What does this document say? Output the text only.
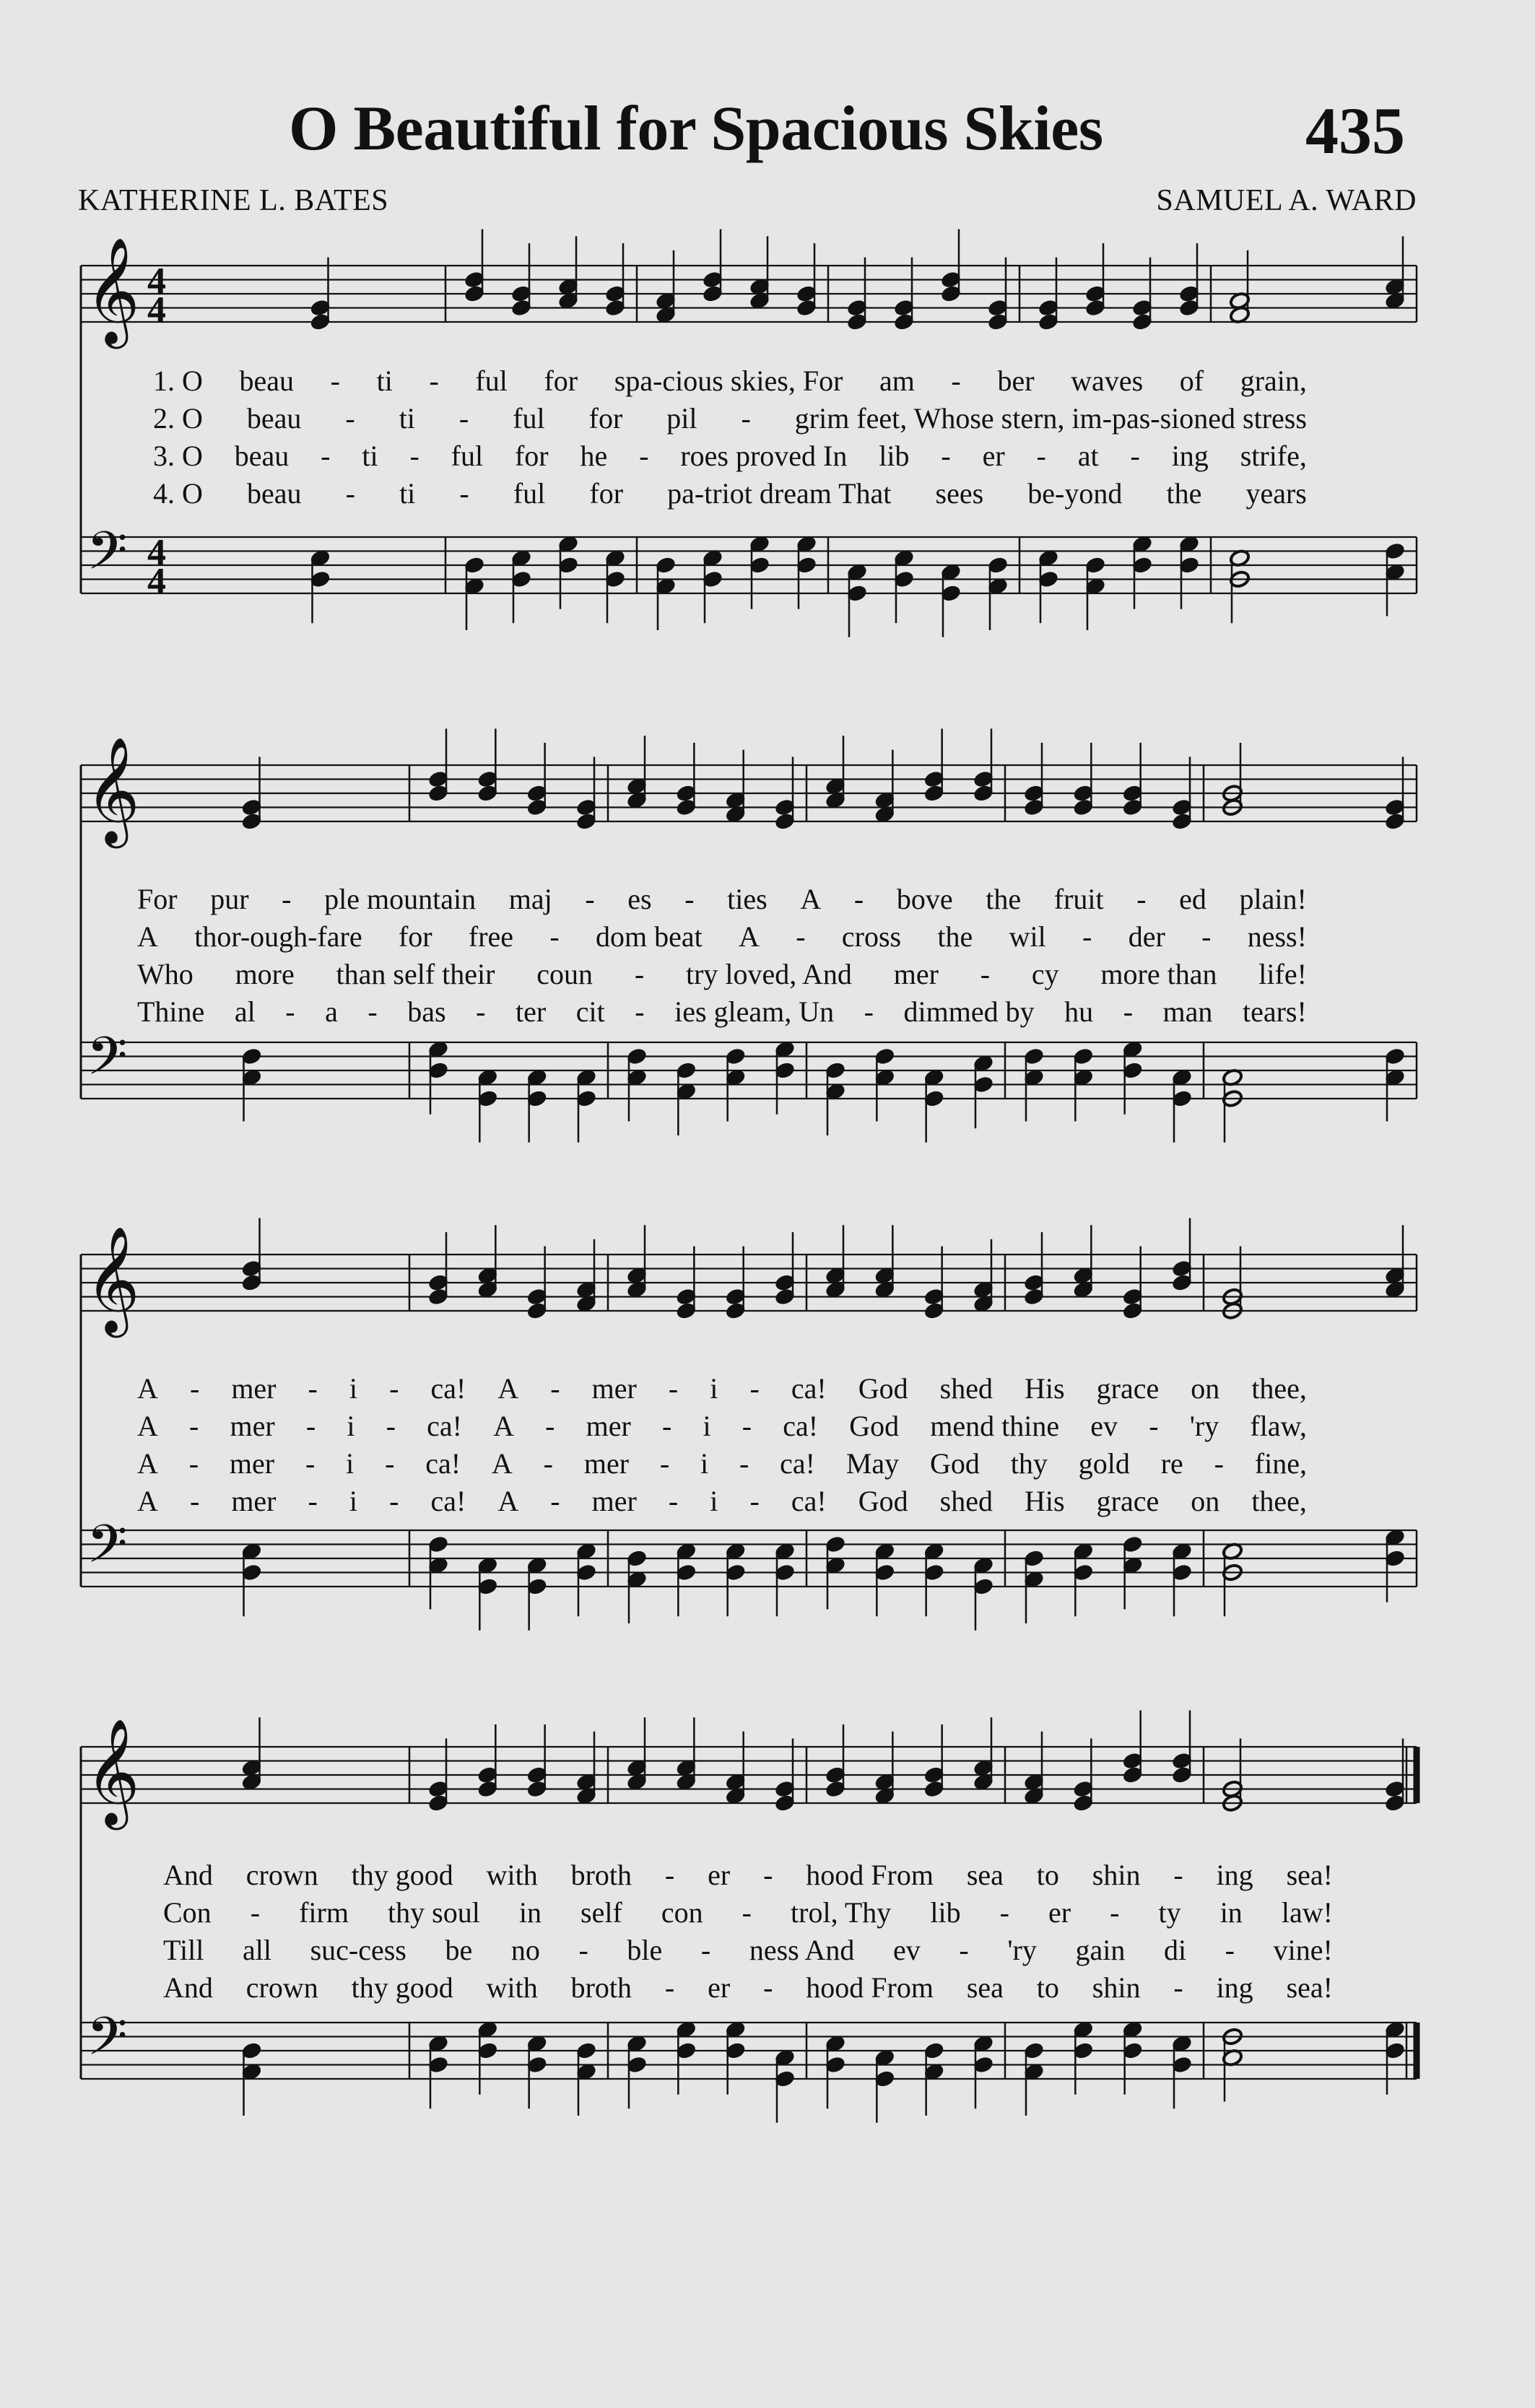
O Beautiful for Spacious Skies	435
KATHERINE L. BATES	SAMUEL A. WARD
𝄞
𝄢
4
4
4
4
𝄞
𝄢
𝄞
𝄢
𝄞
𝄢
1. O beau - ti - ful for spa-cious skies, For am - ber waves of grain,
2. O beau - ti - ful for pil - grim feet, Whose stern, im-pas-sioned stress
3. O beau - ti - ful for he - roes proved In lib - er - at - ing strife,
4. O beau - ti - ful for pa-triot dream That sees be-yond the years
For pur - ple mountain maj - es - ties A - bove the fruit - ed plain!
A thor-ough-fare for free - dom beat A - cross the wil - der - ness!
Who more than self their coun - try loved, And mer - cy more than life!
Thine al - a - bas - ter cit - ies gleam, Un - dimmed by hu - man tears!
A - mer - i - ca! A - mer - i - ca! God shed His grace on thee,
A - mer - i - ca! A - mer - i - ca! God mend thine ev - 'ry flaw,
A - mer - i - ca! A - mer - i - ca! May God thy gold re - fine,
A - mer - i - ca! A - mer - i - ca! God shed His grace on thee,
And crown thy good with broth - er - hood From sea to shin - ing sea!
Con - firm thy soul in self con - trol, Thy lib - er - ty in law!
Till all suc-cess be no - ble - ness And ev - 'ry gain di - vine!
And crown thy good with broth - er - hood From sea to shin - ing sea!
